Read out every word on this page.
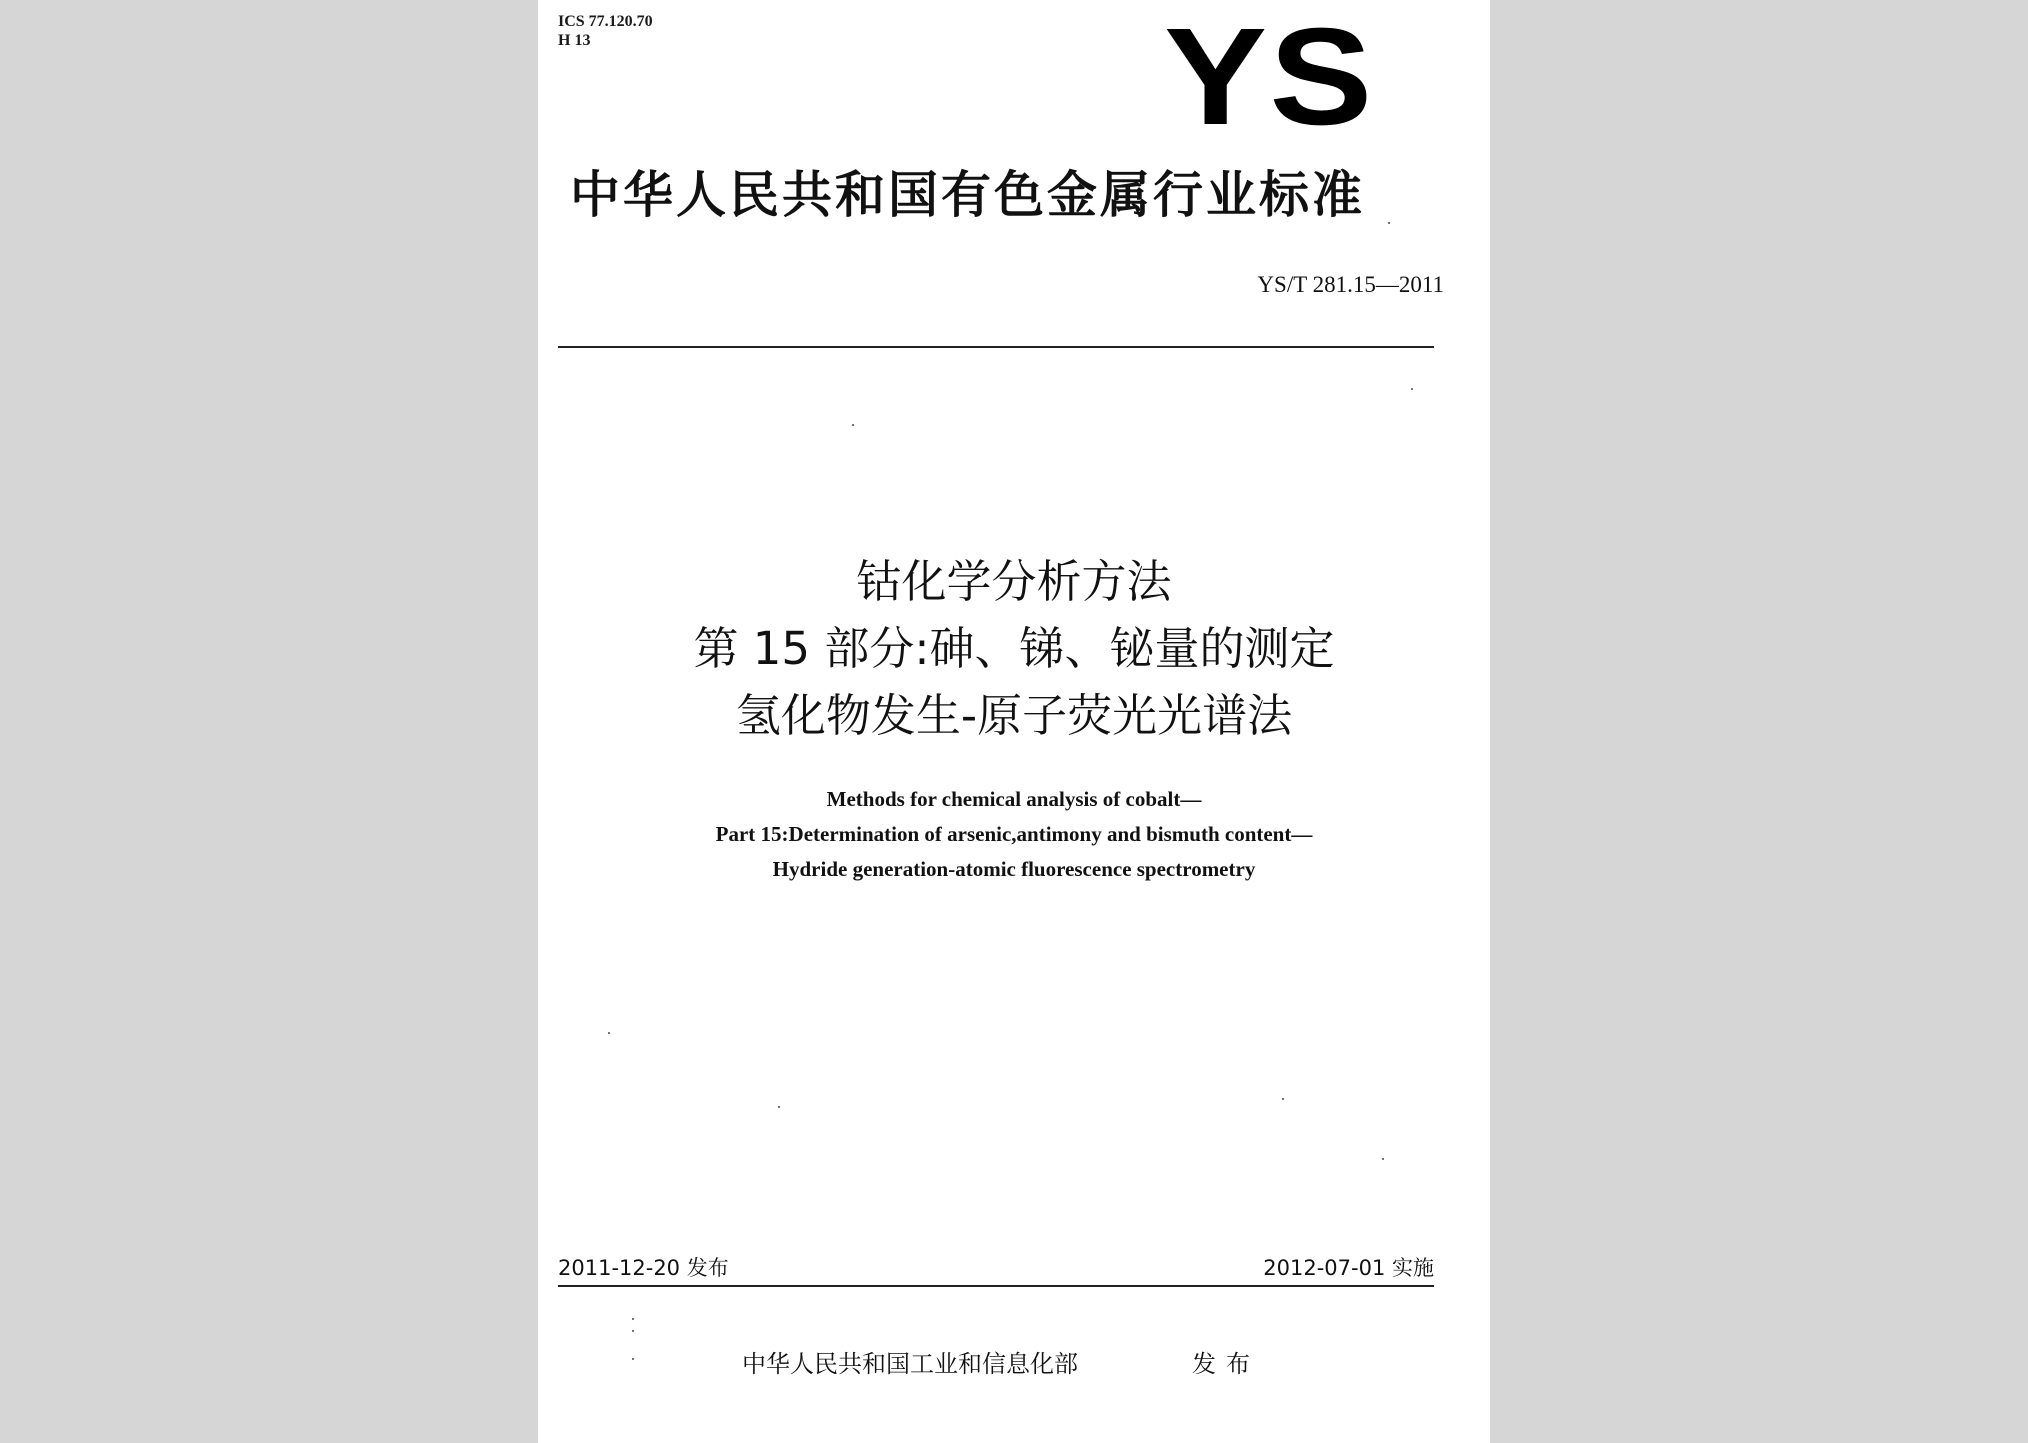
ICS 77.120.70
H 13	YS
中华人民共和国有色金属行业标准
YS/T 281.15—2011
钴化学分析方法
第 15 部分:砷、锑、铋量的测定
氢化物发生-原子荧光光谱法
Methods for chemical analysis of cobalt—
Part 15:Determination of arsenic,antimony and bismuth content—
Hydride generation-atomic fluorescence spectrometry
2011-12-20 发布	2012-07-01 实施
中华人民共和国工业和信息化部	发布
